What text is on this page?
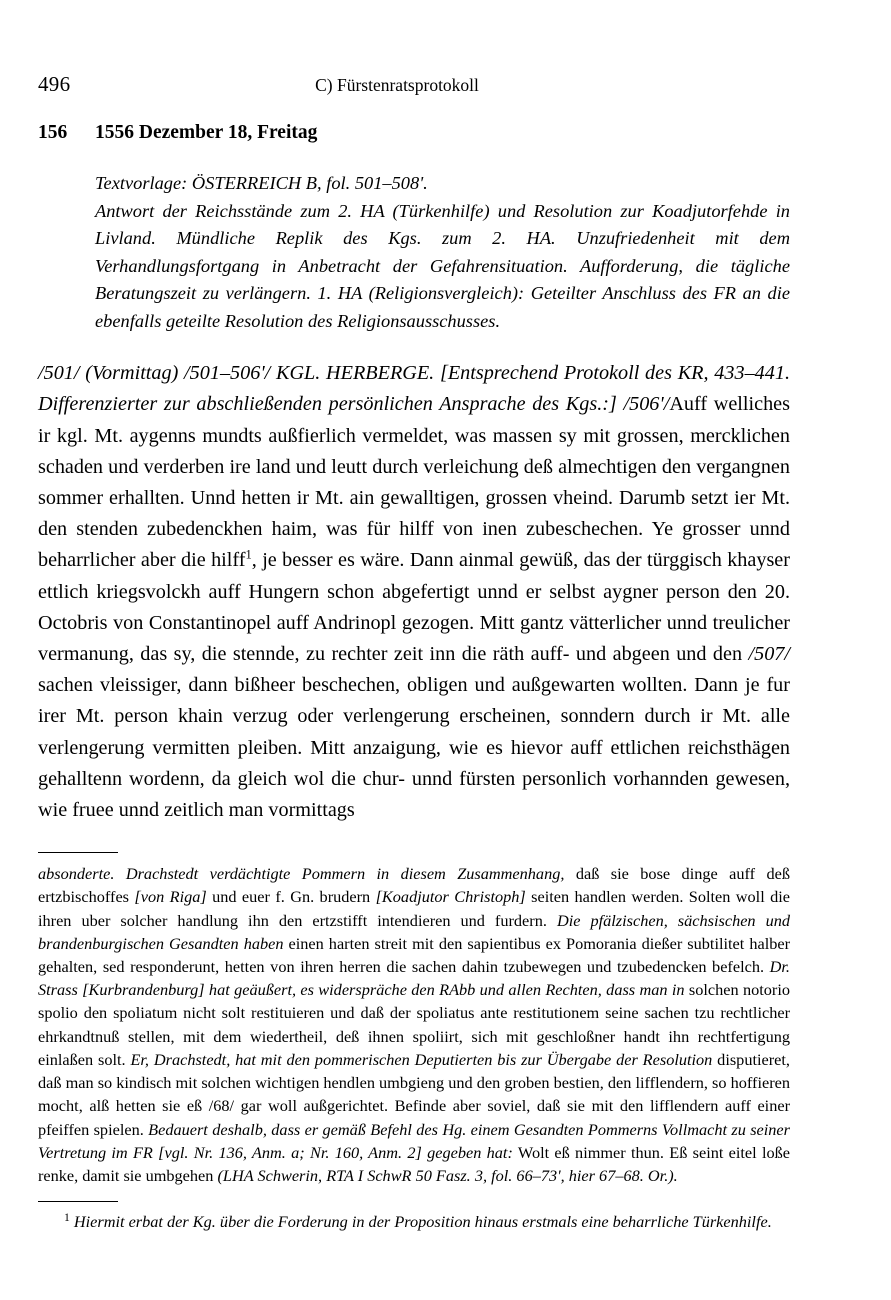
496	C) Fürstenratsprotokoll
156	1556 Dezember 18, Freitag
Textvorlage: ÖSTERREICH B, fol. 501–508'.
Antwort der Reichsstände zum 2. HA (Türkenhilfe) und Resolution zur Koadjutorfehde in Livland. Mündliche Replik des Kgs. zum 2. HA. Unzufriedenheit mit dem Verhandlungsfortgang in Anbetracht der Gefahrensituation. Aufforderung, die tägliche Beratungszeit zu verlängern. 1. HA (Religionsvergleich): Geteilter Anschluss des FR an die ebenfalls geteilte Resolution des Religionsausschusses.
/501/ (Vormittag) /501–506'/ KGL. HERBERGE. [Entsprechend Protokoll des KR, 433–441. Differenzierter zur abschließenden persönlichen Ansprache des Kgs.:] /506'/Auff welliches ir kgl. Mt. aygenns mundts außfierlich vermeldet, was massen sy mit grossen, mercklichen schaden und verderben ire land und leutt durch verleichung deß almechtigen den vergangnen sommer erhallten. Unnd hetten ir Mt. ain gewalltigen, grossen vheind. Darumb setzt ier Mt. den stenden zubedenckhen haim, was für hilff von inen zubeschechen. Ye grosser unnd beharrlicher aber die hilff$^1$, je besser es wäre. Dann ainmal gewüß, das der türggisch khayser ettlich kriegsvolckh auff Hungern schon abgefertigt unnd er selbst aygner person den 20. Octobris von Constantinopel auff Andrinopl gezogen. Mitt gantz vätterlicher unnd treulicher vermanung, das sy, die stennde, zu rechter zeit inn die räth auff- und abgeen und den /507/ sachen vleissiger, dann bißheer beschechen, obligen und außgewarten wollten. Dann je fur irer Mt. person khain verzug oder verlengerung erscheinen, sonndern durch ir Mt. alle verlengerung vermitten pleiben. Mitt anzaigung, wie es hievor auff ettlichen reichsthägen gehalltenn wordenn, da gleich wol die chur- unnd fürsten personlich vorhannden gewesen, wie fruee unnd zeitlich man vormittags
absonderte. Drachstedt verdächtigte Pommern in diesem Zusammenhang, daß sie bose dinge auff deß ertzbischoffes [von Riga] und euer f. Gn. brudern [Koadjutor Christoph] seiten handlen werden. Solten woll die ihren uber solcher handlung ihn den ertzstifft intendieren und furdern. Die pfälzischen, sächsischen und brandenburgischen Gesandten haben einen harten streit mit den sapientibus ex Pomorania dießer subtilitet halber gehalten, sed responderunt, hetten von ihren herren die sachen dahin tzubewegen und tzubedencken befelch. Dr. Strass [Kurbrandenburg] hat geäußert, es widerspräche den RAbb und allen Rechten, dass man in solchen notorio spolio den spoliatum nicht solt restituieren und daß der spoliatus ante restitutionem seine sachen tzu rechtlicher ehrkandtnuß stellen, mit dem wiedertheil, deß ihnen spoliirt, sich mit geschloßner handt ihn rechtfertigung einlaßen solt. Er, Drachstedt, hat mit den pommerischen Deputierten bis zur Übergabe der Resolution disputieret, daß man so kindisch mit solchen wichtigen hendlen umbgieng und den groben bestien, den lifflendern, so hoffieren mocht, alß hetten sie eß /68/ gar woll außgerichtet. Befinde aber soviel, daß sie mit den lifflendern auff einer pfeiffen spielen. Bedauert deshalb, dass er gemäß Befehl des Hg. einem Gesandten Pommerns Vollmacht zu seiner Vertretung im FR [vgl. Nr. 136, Anm. a; Nr. 160, Anm. 2] gegeben hat: Wolt eß nimmer thun. Eß seint eitel loße renke, damit sie umbgehen (LHA Schwerin, RTA I SchwR 50 Fasz. 3, fol. 66–73', hier 67–68. Or.).
$^1$ Hiermit erbat der Kg. über die Forderung in der Proposition hinaus erstmals eine beharrliche Türkenhilfe.
